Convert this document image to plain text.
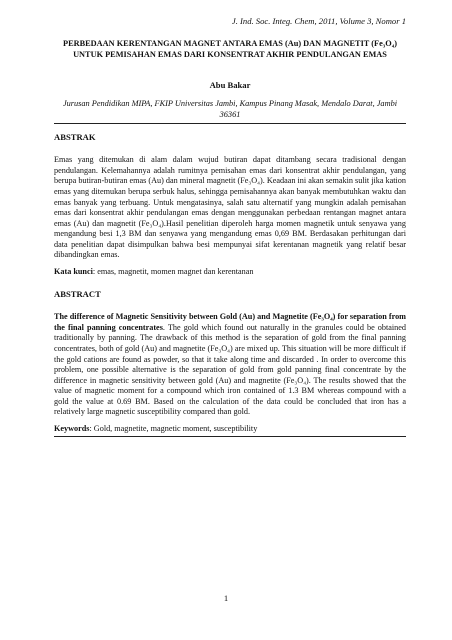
J. Ind. Soc. Integ. Chem, 2011, Volume 3, Nomor 1
PERBEDAAN KERENTANGAN MAGNET ANTARA EMAS (Au) DAN MAGNETIT (Fe₃O₄) UNTUK PEMISAHAN EMAS DARI KONSENTRAT AKHIR PENDULANGAN EMAS
Abu Bakar
Jurusan Pendidikan MIPA, FKIP Universitas Jambi, Kampus Pinang Masak, Mendalo Darat, Jambi 36361
ABSTRAK

Emas yang ditemukan di alam dalam wujud butiran dapat ditambang secara tradisional dengan pendulangan. Kelemahannya adalah rumitnya pemisahan emas dari konsentrat akhir pendulangan, yang berupa butiran-butiran emas (Au) dan mineral magnetit (Fe₃O₄). Keadaan ini akan semakin sulit jika kation emas yang ditemukan berupa serbuk halus, sehingga pemisahannya akan banyak membutuhkan waktu dan emas banyak yang terbuang. Untuk mengatasinya, salah satu alternatif yang mungkin adalah pemisahan emas dari konsentrat akhir pendulangan emas dengan menggunakan perbedaan rentangan magnet antara emas (Au) dan magnetit (Fe₃O₄).Hasil penelitian diperoleh harga momen magnetik untuk senyawa yang mengandung besi 1,3 BM dan senyawa yang mengandung emas 0,69 BM. Berdasakan perhitungan dari data penelitian dapat disimpulkan bahwa besi mempunyai sifat kerentanan magnetik yang relatif besar dibandingkan emas.

Kata kunci: emas, magnetit, momen magnet dan kerentanan

ABSTRACT

The difference of Magnetic Sensitivity between Gold (Au) and Magnetite (Fe₃O₄) for separation from the final panning concentrates. The gold which found out naturally in the granules could be obtained traditionally by panning. The drawback of this method is the separation of gold from the final panning concentrates, both of gold (Au) and magnetite (Fe₃O₄) are mixed up. This situation will be more difficult if the gold cations are found as powder, so that it take along time and discarded . In order to overcome this problem, one possible alternative is the separation of gold from gold panning final concentrate by the difference in magnetic sensitivity between gold (Au) and magnetite (Fe₃O₄). The results showed that the value of magnetic moment for a compound which iron contained of 1.3 BM whereas compound with a gold the value at 0.69 BM. Based on the calculation of the data could be concluded that iron has a relatively large magnetic susceptibility compared than gold.

Keywords: Gold, magnetite, magnetic moment, susceptibility

1
